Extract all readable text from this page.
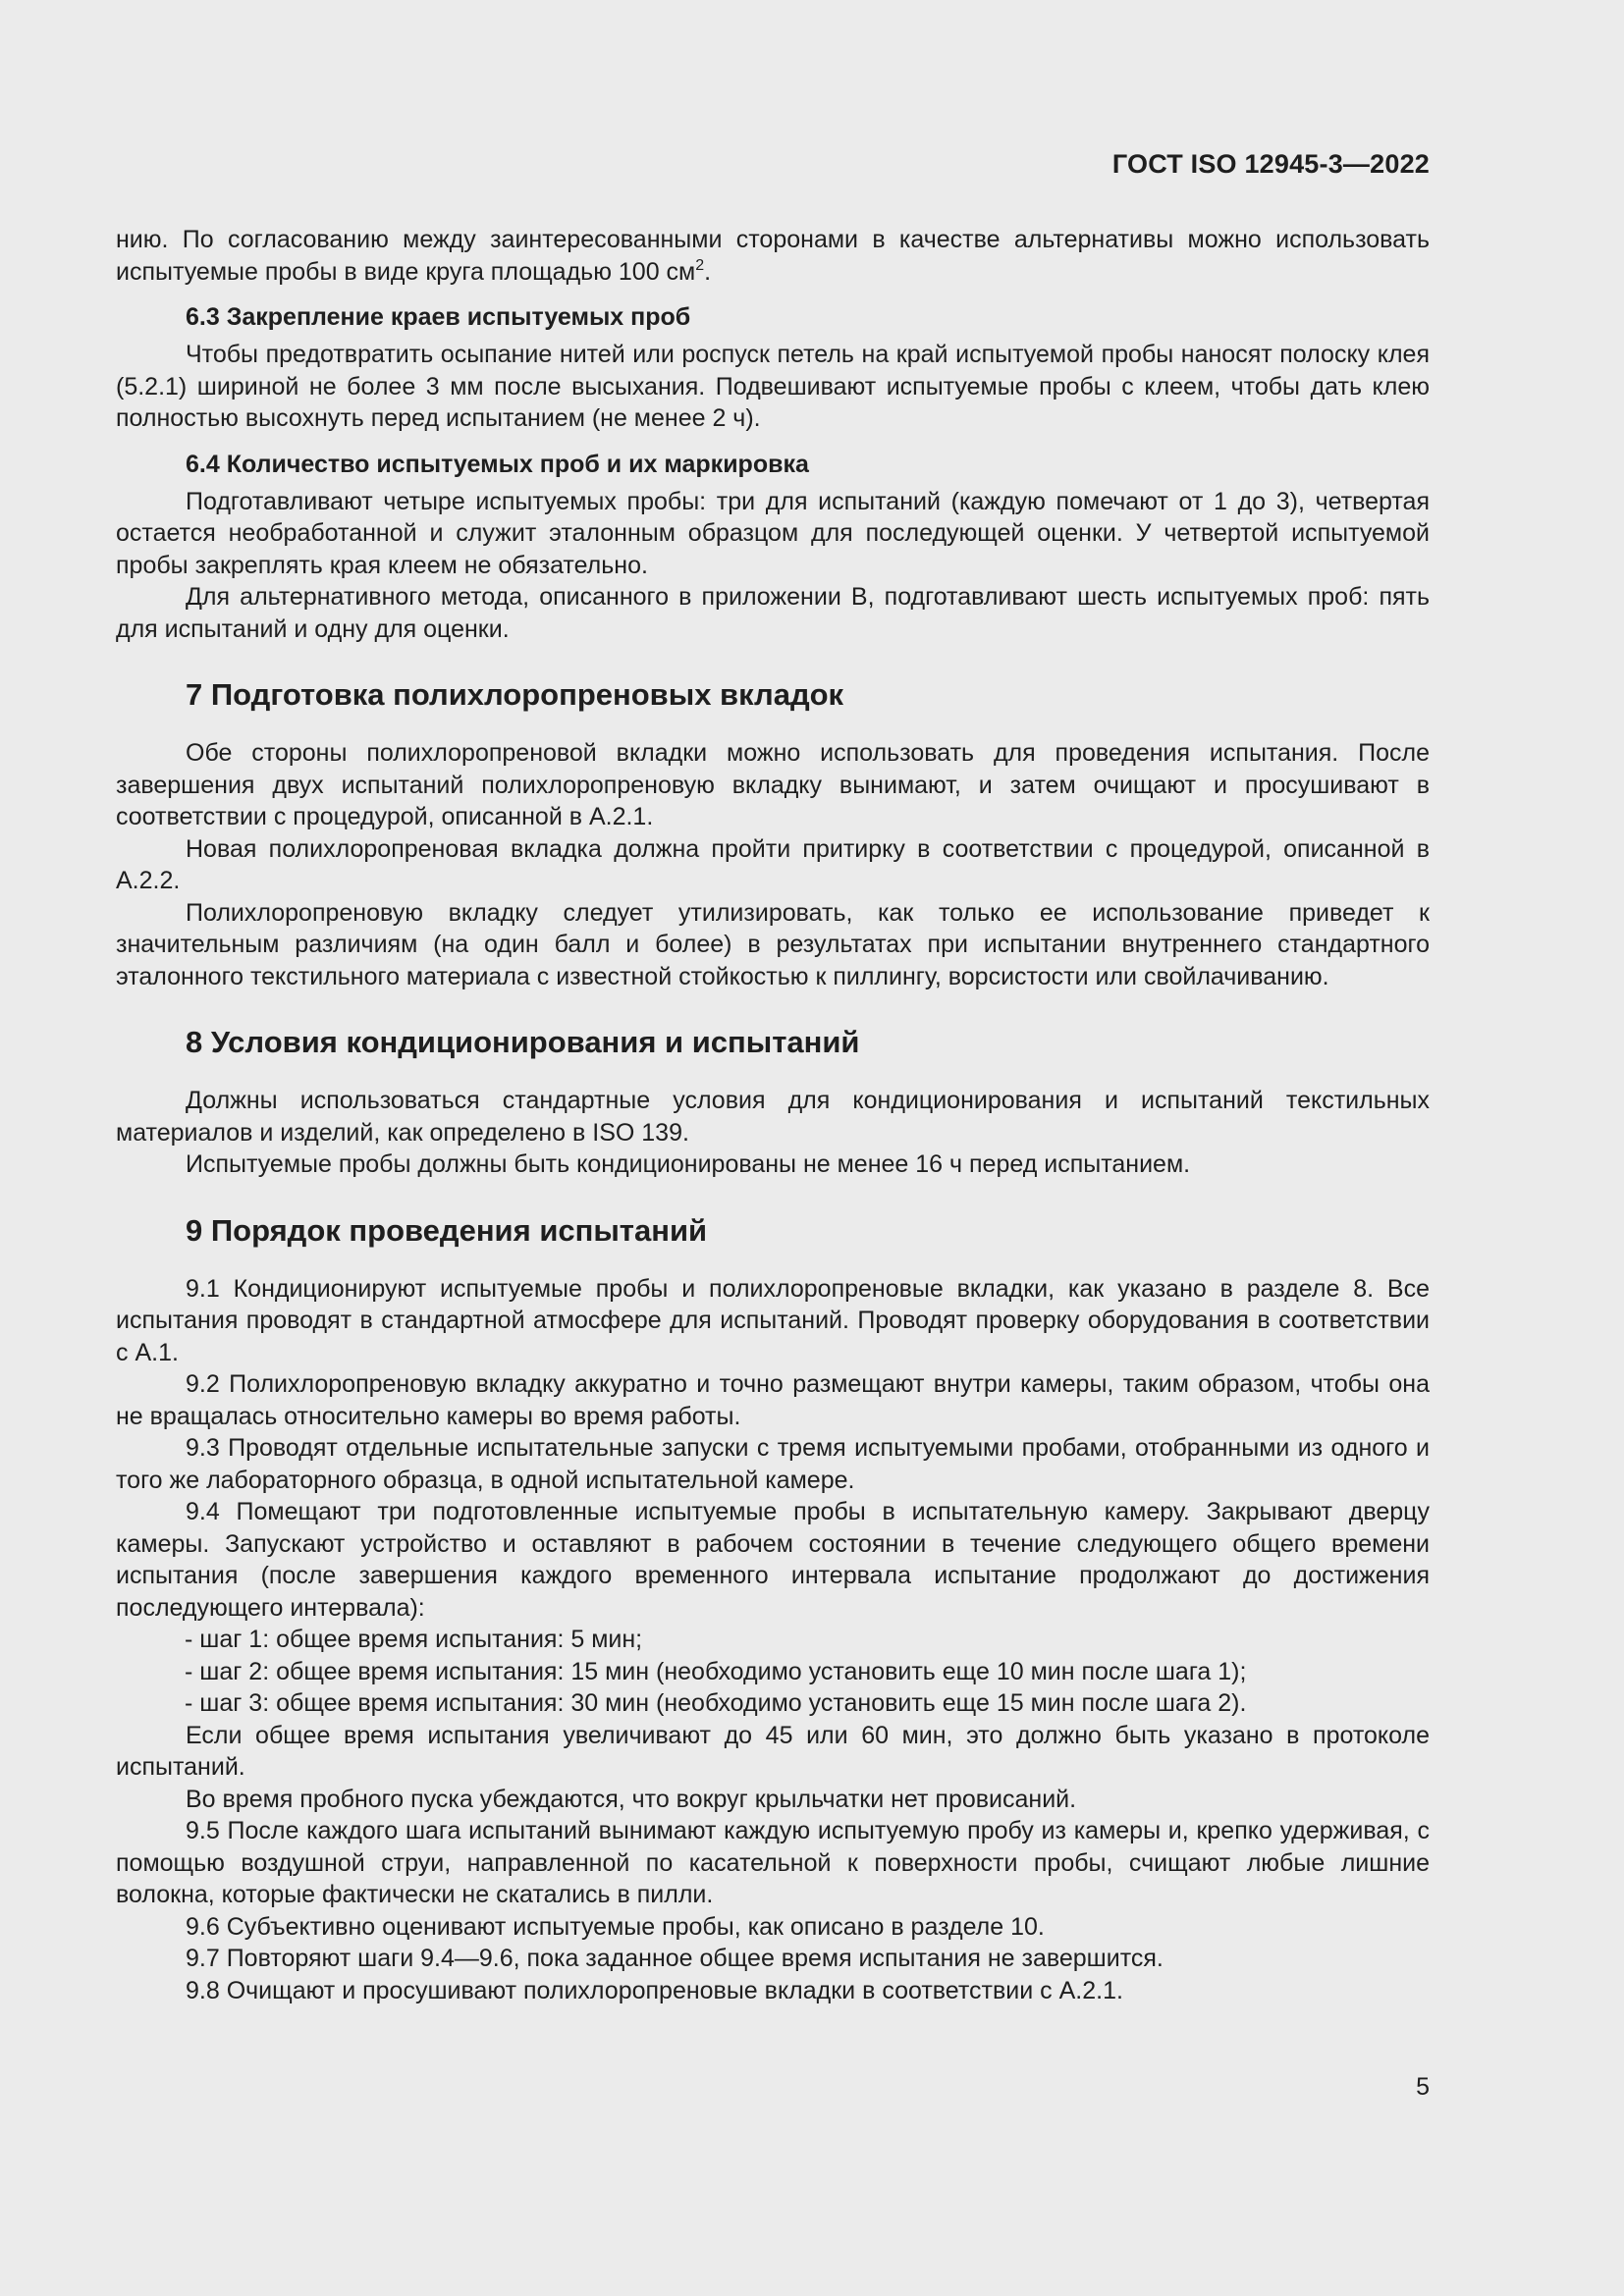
ГОСТ ISO 12945-3—2022

нию. По согласованию между заинтересованными сторонами в качестве альтернативы можно использовать испытуемые пробы в виде круга площадью 100 $см^2$.

6.3 Закрепление краев испытуемых проб

Чтобы предотвратить осыпание нитей или роспуск петель на край испытуемой пробы наносят полоску клея (5.2.1) шириной не более 3 мм после высыхания. Подвешивают испытуемые пробы с клеем, чтобы дать клею полностью высохнуть перед испытанием (не менее 2 ч).

6.4 Количество испытуемых проб и их маркировка

Подготавливают четыре испытуемых пробы: три для испытаний (каждую помечают от 1 до 3), четвертая остается необработанной и служит эталонным образцом для последующей оценки. У четвертой испытуемой пробы закреплять края клеем не обязательно.

Для альтернативного метода, описанного в приложении В, подготавливают шесть испытуемых проб: пять для испытаний и одну для оценки.

7 Подготовка полихлоропреновых вкладок

Обе стороны полихлоропреновой вкладки можно использовать для проведения испытания. После завершения двух испытаний полихлоропреновую вкладку вынимают, и затем очищают и просушивают в соответствии с процедурой, описанной в А.2.1.

Новая полихлоропреновая вкладка должна пройти притирку в соответствии с процедурой, описанной в А.2.2.

Полихлоропреновую вкладку следует утилизировать, как только ее использование приведет к значительным различиям (на один балл и более) в результатах при испытании внутреннего стандартного эталонного текстильного материала с известной стойкостью к пиллингу, ворсистости или свойлачиванию.

8 Условия кондиционирования и испытаний

Должны использоваться стандартные условия для кондиционирования и испытаний текстильных материалов и изделий, как определено в ISO 139.

Испытуемые пробы должны быть кондиционированы не менее 16 ч перед испытанием.

9 Порядок проведения испытаний

9.1 Кондиционируют испытуемые пробы и полихлоропреновые вкладки, как указано в разделе 8. Все испытания проводят в стандартной атмосфере для испытаний. Проводят проверку оборудования в соответствии с А.1.

9.2 Полихлоропреновую вкладку аккуратно и точно размещают внутри камеры, таким образом, чтобы она не вращалась относительно камеры во время работы.

9.3 Проводят отдельные испытательные запуски с тремя испытуемыми пробами, отобранными из одного и того же лабораторного образца, в одной испытательной камере.

9.4 Помещают три подготовленные испытуемые пробы в испытательную камеру. Закрывают дверцу камеры. Запускают устройство и оставляют в рабочем состоянии в течение следующего общего времени испытания (после завершения каждого временного интервала испытание продолжают до достижения последующего интервала):

- шаг 1: общее время испытания: 5 мин;

- шаг 2: общее время испытания: 15 мин (необходимо установить еще 10 мин после шага 1);

- шаг 3: общее время испытания: 30 мин (необходимо установить еще 15 мин после шага 2).

Если общее время испытания увеличивают до 45 или 60 мин, это должно быть указано в протоколе испытаний.

Во время пробного пуска убеждаются, что вокруг крыльчатки нет провисаний.

9.5 После каждого шага испытаний вынимают каждую испытуемую пробу из камеры и, крепко удерживая, с помощью воздушной струи, направленной по касательной к поверхности пробы, счищают любые лишние волокна, которые фактически не скатались в пилли.

9.6 Субъективно оценивают испытуемые пробы, как описано в разделе 10.

9.7 Повторяют шаги 9.4—9.6, пока заданное общее время испытания не завершится.

9.8 Очищают и просушивают полихлоропреновые вкладки в соответствии с А.2.1.

5
